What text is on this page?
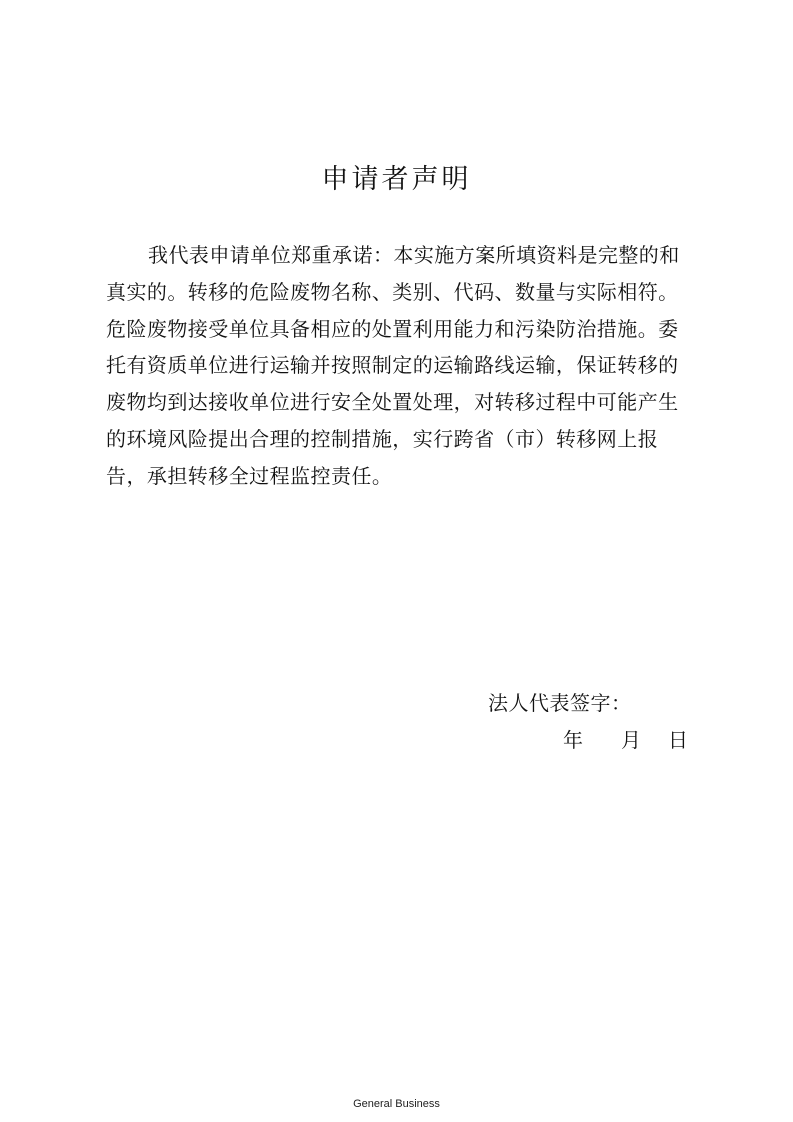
申请者声明

我代表申请单位郑重承诺：本实施方案所填资料是完整的和真实的。转移的危险废物名称、类别、代码、数量与实际相符。危险废物接受单位具备相应的处置利用能力和污染防治措施。委托有资质单位进行运输并按照制定的运输路线运输，保证转移的废物均到达接收单位进行安全处置处理，对转移过程中可能产生的环境风险提出合理的控制措施，实行跨省（市）转移网上报告，承担转移全过程监控责任。

法人代表签字：
年 月 日
General Business
